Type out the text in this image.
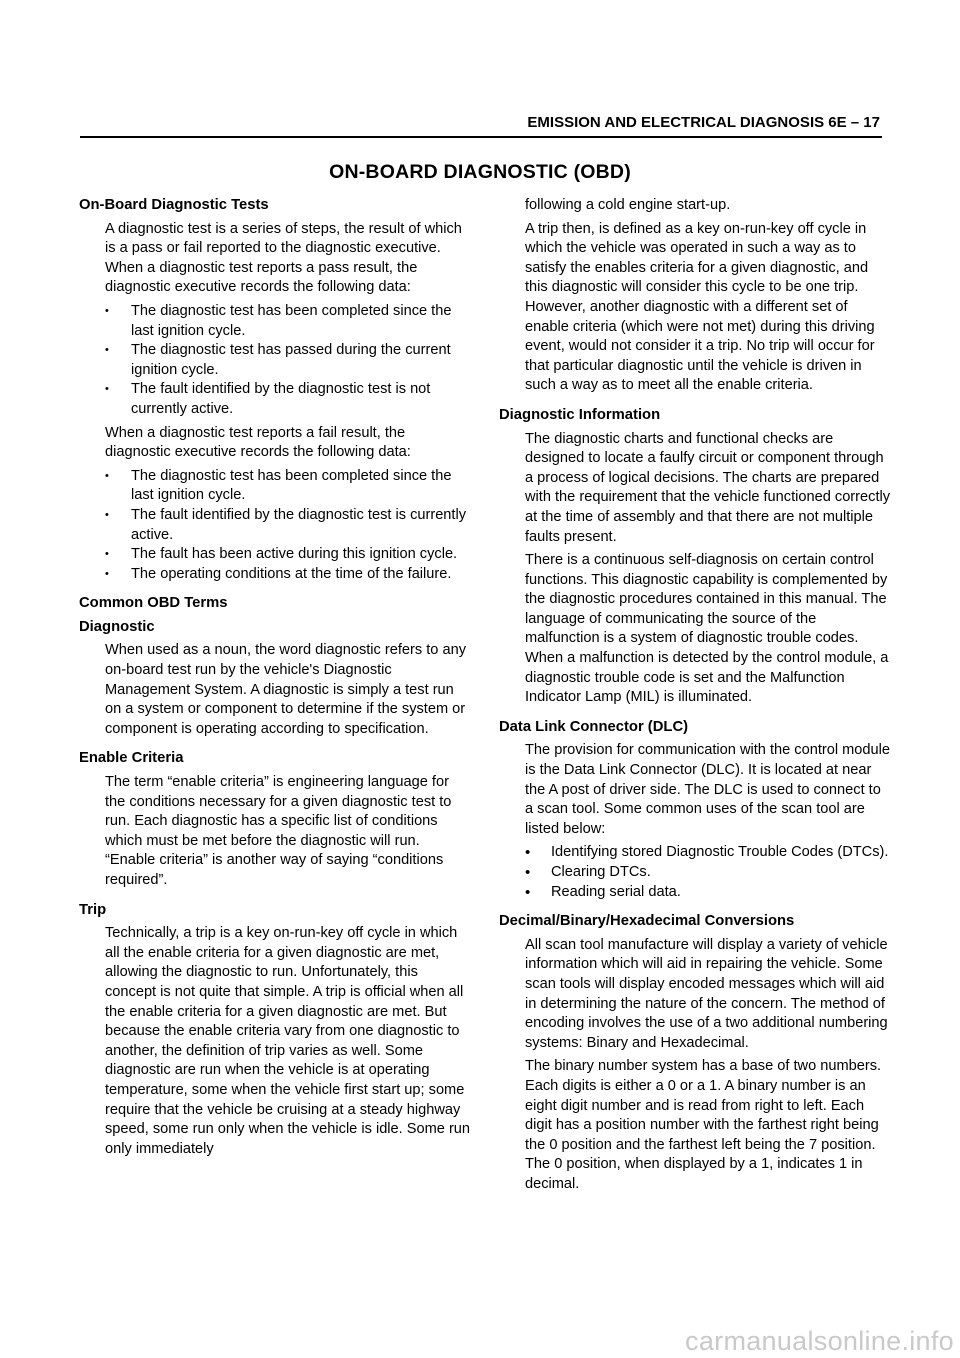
EMISSION AND ELECTRICAL DIAGNOSIS 6E – 17
ON-BOARD DIAGNOSTIC (OBD)
On-Board Diagnostic Tests

A diagnostic test is a series of steps, the result of which is a pass or fail reported to the diagnostic executive. When a diagnostic test reports a pass result, the diagnostic executive records the following data:

• The diagnostic test has been completed since the last ignition cycle.
• The diagnostic test has passed during the current ignition cycle.
• The fault identified by the diagnostic test is not currently active.

When a diagnostic test reports a fail result, the diagnostic executive records the following data:

• The diagnostic test has been completed since the last ignition cycle.
• The fault identified by the diagnostic test is currently active.
• The fault has been active during this ignition cycle.
• The operating conditions at the time of the failure.
Common OBD Terms
Diagnostic

When used as a noun, the word diagnostic refers to any on-board test run by the vehicle's Diagnostic Management System. A diagnostic is simply a test run on a system or component to determine if the system or component is operating according to specification.

Enable Criteria

The term “enable criteria” is engineering language for the conditions necessary for a given diagnostic test to run. Each diagnostic has a specific list of conditions which must be met before the diagnostic will run. “Enable criteria” is another way of saying “conditions required”.

Trip

Technically, a trip is a key on-run-key off cycle in which all the enable criteria for a given diagnostic are met, allowing the diagnostic to run. Unfortunately, this concept is not quite that simple. A trip is official when all the enable criteria for a given diagnostic are met. But because the enable criteria vary from one diagnostic to another, the definition of trip varies as well. Some diagnostic are run when the vehicle is at operating temperature, some when the vehicle first start up; some require that the vehicle be cruising at a steady highway speed, some run only when the vehicle is idle. Some run only immediately

following a cold engine start-up.

A trip then, is defined as a key on-run-key off cycle in which the vehicle was operated in such a way as to satisfy the enables criteria for a given diagnostic, and this diagnostic will consider this cycle to be one trip. However, another diagnostic with a different set of enable criteria (which were not met) during this driving event, would not consider it a trip. No trip will occur for that particular diagnostic until the vehicle is driven in such a way as to meet all the enable criteria.

Diagnostic Information

The diagnostic charts and functional checks are designed to locate a faulfy circuit or component through a process of logical decisions. The charts are prepared with the requirement that the vehicle functioned correctly at the time of assembly and that there are not multiple faults present.

There is a continuous self-diagnosis on certain control functions. This diagnostic capability is complemented by the diagnostic procedures contained in this manual. The language of communicating the source of the malfunction is a system of diagnostic trouble codes. When a malfunction is detected by the control module, a diagnostic trouble code is set and the Malfunction Indicator Lamp (MIL) is illuminated.

Data Link Connector (DLC)

The provision for communication with the control module is the Data Link Connector (DLC). It is located at near the A post of driver side. The DLC is used to connect to a scan tool. Some common uses of the scan tool are listed below:

• Identifying stored Diagnostic Trouble Codes (DTCs).
• Clearing DTCs.
• Reading serial data.
Decimal/Binary/Hexadecimal Conversions

All scan tool manufacture will display a variety of vehicle information which will aid in repairing the vehicle. Some scan tools will display encoded messages which will aid in determining the nature of the concern. The method of encoding involves the use of a two additional numbering systems: Binary and Hexadecimal.

The binary number system has a base of two numbers. Each digits is either a 0 or a 1. A binary number is an eight digit number and is read from right to left. Each digit has a position number with the farthest right being the 0 position and the farthest left being the 7 position. The 0 position, when displayed by a 1, indicates 1 in decimal.

carmanualsonline.info
